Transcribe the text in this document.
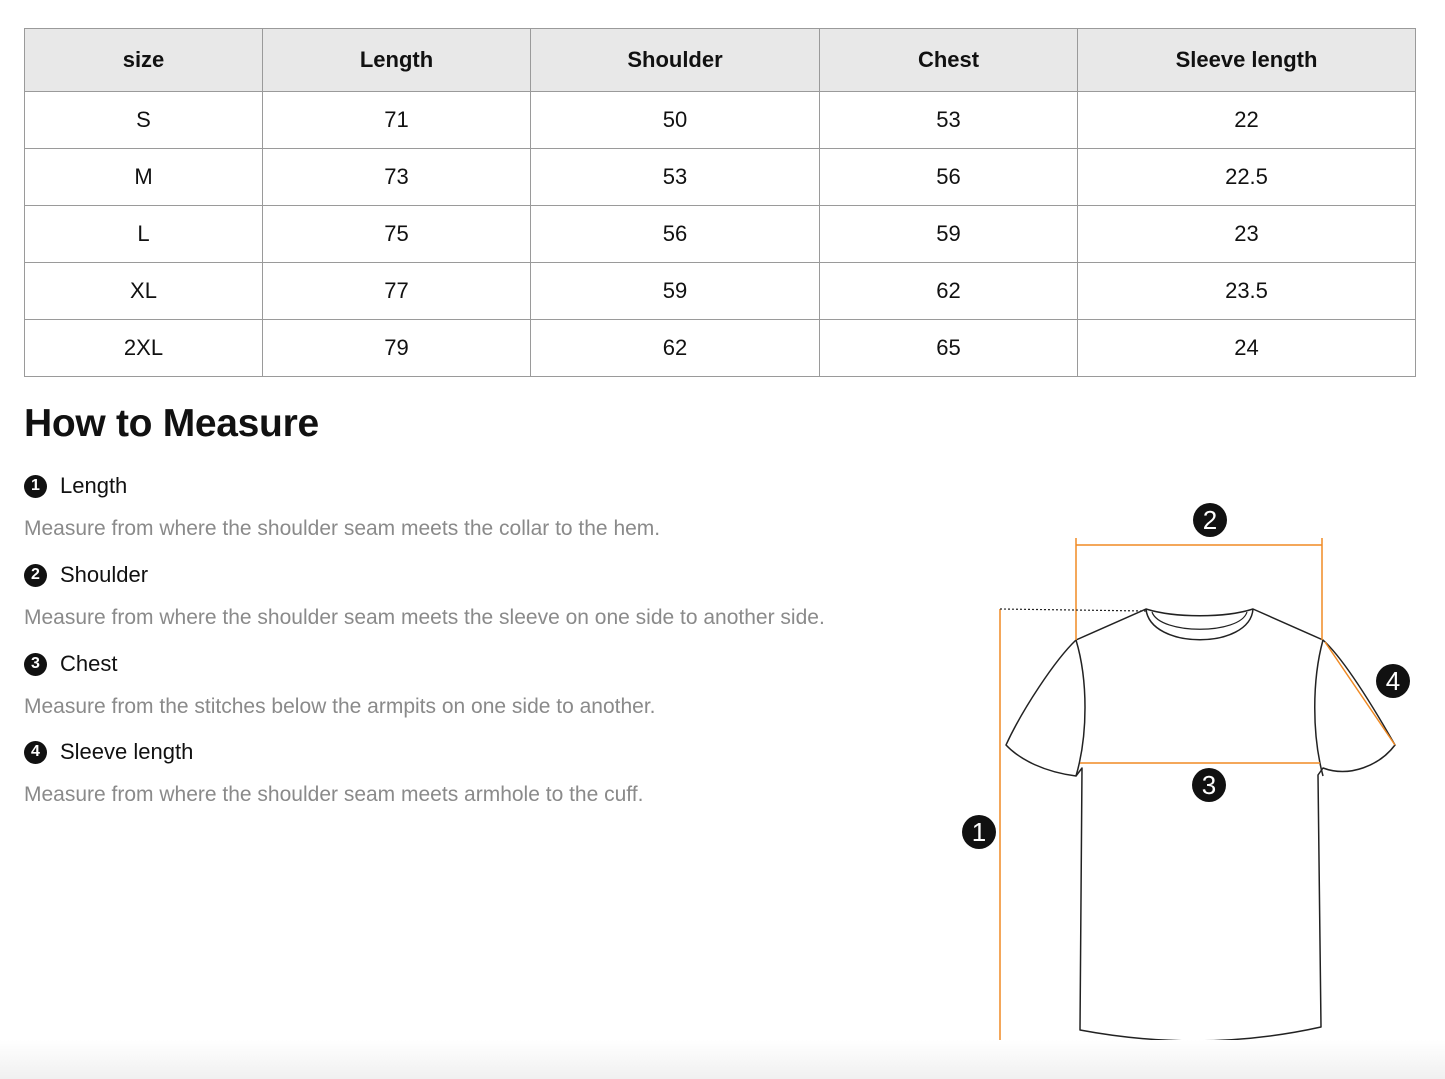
size	Length	Shoulder	Chest	Sleeve length
S	71	50	53	22
M	73	53	56	22.5
L	75	56	59	23
XL	77	59	62	23.5
2XL	79	62	65	24
How to Measure
1 Length

Measure from where the shoulder seam meets the collar to the hem.

2 Shoulder

Measure from where the shoulder seam meets the sleeve on one side to another side.

3 Chest

Measure from the stitches below the armpits on one side to another.

4 Sleeve length

Measure from where the shoulder seam meets armhole to the cuff.

1
2
3
4
